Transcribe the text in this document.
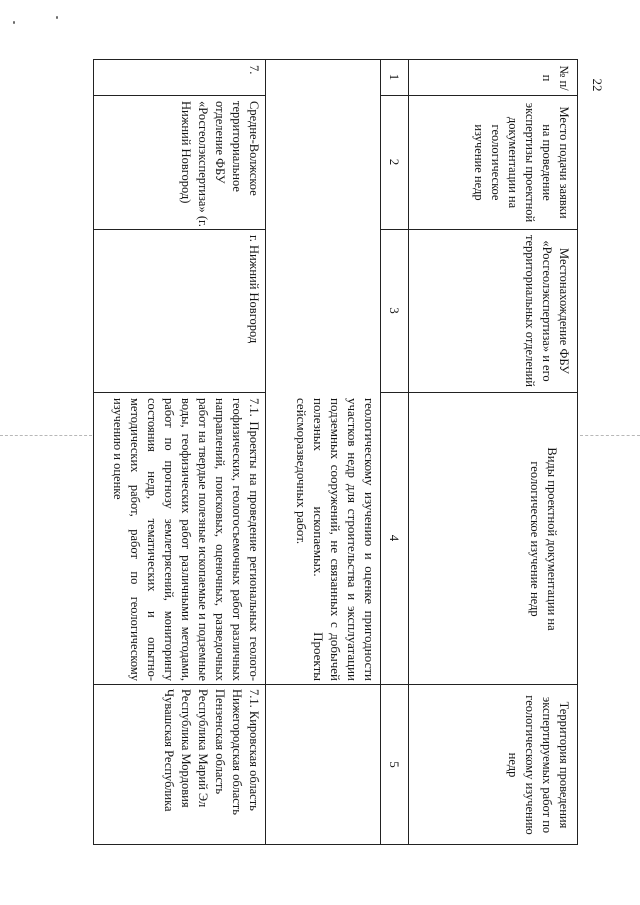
22
№ п/п
Место подачи заявки на проведение экспертизы проектной документации на геологическое изучение недр
Местонахождение ФБУ «Росгеолэкспертиза» и его территориальных отделений
Виды проектной документации на геологическое изучение недр
Территория проведения экспертируемых работ по геологическому изучению недр
1
2
3
4
5
геологическому изучению и оценке пригодности участков недр для строительства и эксплуатации подземных сооружений, не связанных с добычей полезных ископаемых. Проекты сейсморазведочных работ.
7.
Средне-Волжское территориальное отделение ФБУ «Росгеолэкспертиза» (г. Нижний Новгород)
г. Нижний Новгород
7.1. Проекты на проведение региональных геолого-геофизических, геологосъемочных работ различных направлений, поисковых, оценочных, разведочных работ на твердые полезные ископаемые и подземные воды, геофизических работ различными методами, работ по прогнозу землетрясений, мониторингу состояния недр, тематических и опытно-методических работ, работ по геологическому изучению и оценке
7.1. Кировская область
Нижегородская область
Пензенская область
Республика Марий Эл
Республика Мордовия
Чувашская Республика
